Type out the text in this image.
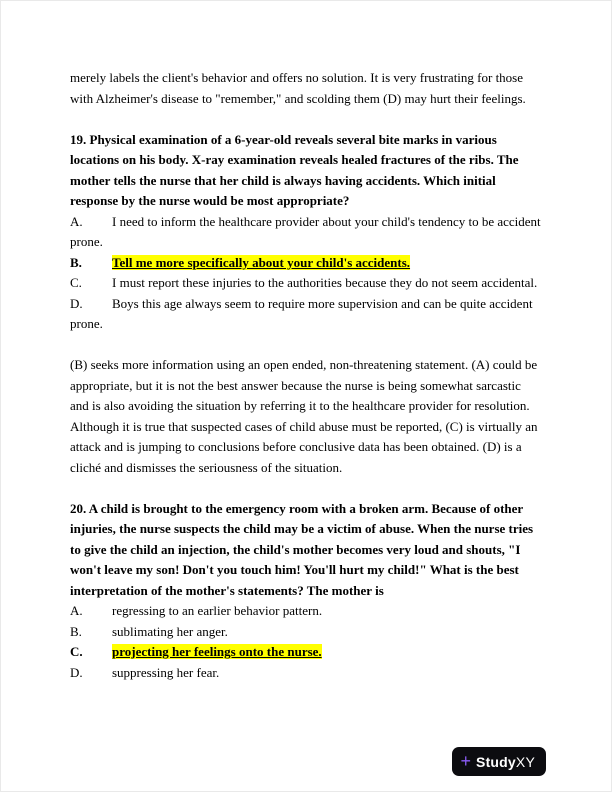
merely labels the client's behavior and offers no solution. It is very frustrating for those with Alzheimer's disease to "remember," and scolding them (D) may hurt their feelings.

19. Physical examination of a 6-year-old reveals several bite marks in various locations on his body. X-ray examination reveals healed fractures of the ribs. The mother tells the nurse that her child is always having accidents. Which initial response by the nurse would be most appropriate?

A. I need to inform the healthcare provider about your child's tendency to be accident prone.
B. Tell me more specifically about your child's accidents.
C. I must report these injuries to the authorities because they do not seem accidental.
D. Boys this age always seem to require more supervision and can be quite accident prone.

(B) seeks more information using an open ended, non-threatening statement. (A) could be appropriate, but it is not the best answer because the nurse is being somewhat sarcastic and is also avoiding the situation by referring it to the healthcare provider for resolution. Although it is true that suspected cases of child abuse must be reported, (C) is virtually an attack and is jumping to conclusions before conclusive data has been obtained. (D) is a cliché and dismisses the seriousness of the situation.

20. A child is brought to the emergency room with a broken arm. Because of other injuries, the nurse suspects the child may be a victim of abuse. When the nurse tries to give the child an injection, the child's mother becomes very loud and shouts, "I won't leave my son! Don't you touch him! You'll hurt my child!" What is the best interpretation of the mother's statements? The mother is

A. regressing to an earlier behavior pattern.
B. sublimating her anger.
C. projecting her feelings onto the nurse.
D. suppressing her fear.
+ StudyXY
